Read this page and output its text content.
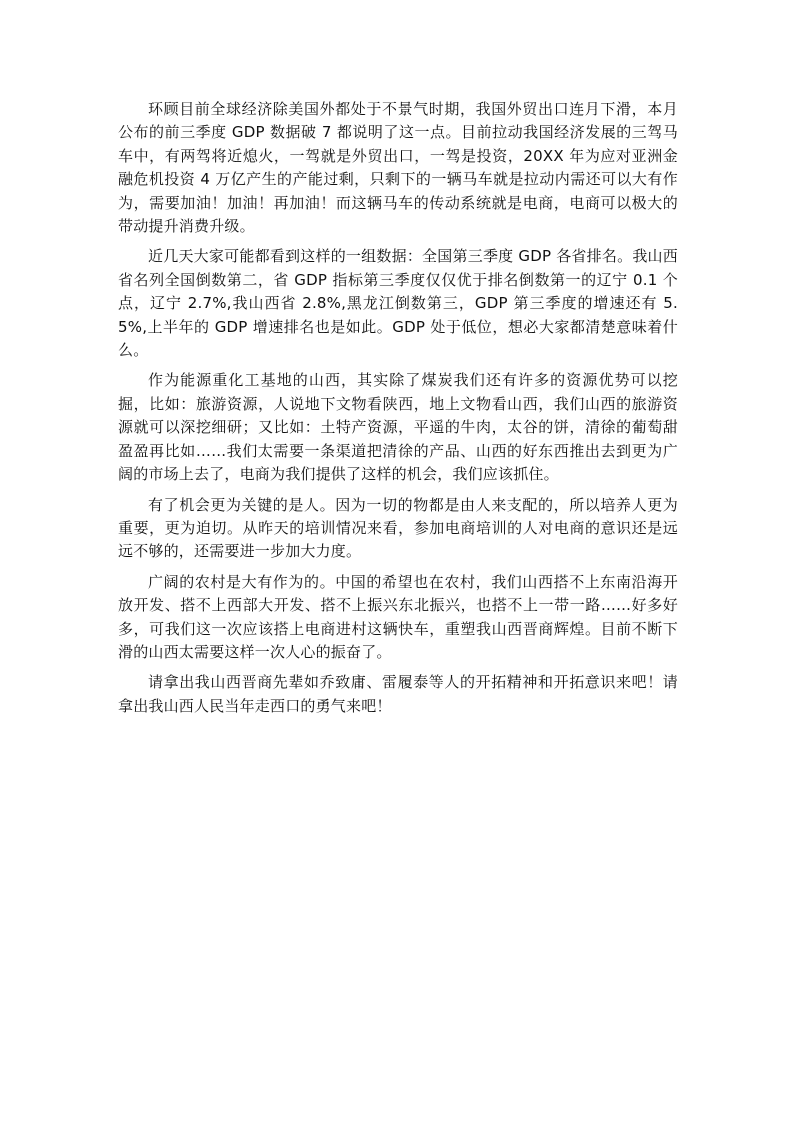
环顾目前全球经济除美国外都处于不景气时期，我国外贸出口连月下滑，本月公布的前三季度 GDP 数据破 7 都说明了这一点。目前拉动我国经济发展的三驾马车中，有两驾将近熄火，一驾就是外贸出口，一驾是投资，20XX 年为应对亚洲金融危机投资 4 万亿产生的产能过剩，只剩下的一辆马车就是拉动内需还可以大有作为，需要加油！加油！再加油！而这辆马车的传动系统就是电商，电商可以极大的带动提升消费升级。

近几天大家可能都看到这样的一组数据：全国第三季度 GDP 各省排名。我山西省名列全国倒数第二，省 GDP 指标第三季度仅仅优于排名倒数第一的辽宁 0.1 个点，辽宁 2.7%,我山西省 2.8%,黑龙江倒数第三，GDP 第三季度的增速还有 5.5%,上半年的 GDP 增速排名也是如此。GDP 处于低位，想必大家都清楚意味着什么。

作为能源重化工基地的山西，其实除了煤炭我们还有许多的资源优势可以挖掘，比如：旅游资源，人说地下文物看陕西，地上文物看山西，我们山西的旅游资源就可以深挖细研；又比如：土特产资源，平遥的牛肉，太谷的饼，清徐的葡萄甜盈盈再比如……我们太需要一条渠道把清徐的产品、山西的好东西推出去到更为广阔的市场上去了，电商为我们提供了这样的机会，我们应该抓住。

有了机会更为关键的是人。因为一切的物都是由人来支配的，所以培养人更为重要，更为迫切。从昨天的培训情况来看，参加电商培训的人对电商的意识还是远远不够的，还需要进一步加大力度。

广阔的农村是大有作为的。中国的希望也在农村，我们山西搭不上东南沿海开放开发、搭不上西部大开发、搭不上振兴东北振兴，也搭不上一带一路……好多好多，可我们这一次应该搭上电商进村这辆快车，重塑我山西晋商辉煌。目前不断下滑的山西太需要这样一次人心的振奋了。

请拿出我山西晋商先辈如乔致庸、雷履泰等人的开拓精神和开拓意识来吧！请拿出我山西人民当年走西口的勇气来吧！
